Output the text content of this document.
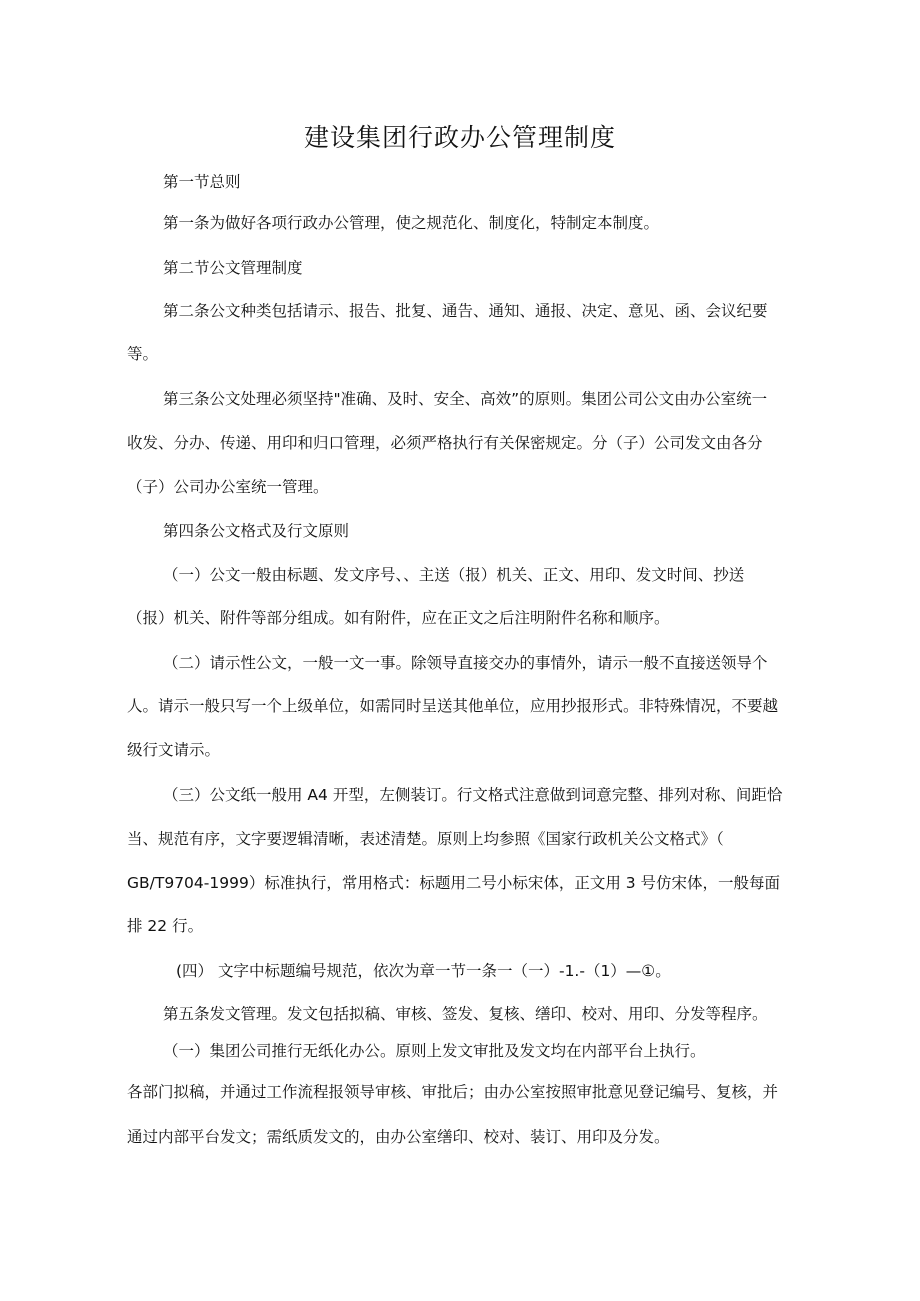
建设集团行政办公管理制度
第一节总则
第一条为做好各项行政办公管理，使之规范化、制度化，特制定本制度。
第二节公文管理制度
第二条公文种类包括请示、报告、批复、通告、通知、通报、决定、意见、函、会议纪要
等。
第三条公文处理必须坚持"准确、及时、安全、高效”的原则。集团公司公文由办公室统一
收发、分办、传递、用印和归口管理，必须严格执行有关保密规定。分（子）公司发文由各分
（子）公司办公室统一管理。
第四条公文格式及行文原则
（一）公文一般由标题、发文序号、、主送（报）机关、正文、用印、发文时间、抄送
（报）机关、附件等部分组成。如有附件，应在正文之后注明附件名称和顺序。
（二）请示性公文，一般一文一事。除领导直接交办的事情外，请示一般不直接送领导个
人。请示一般只写一个上级单位，如需同时呈送其他单位，应用抄报形式。非特殊情况，不要越
级行文请示。
（三）公文纸一般用 A4 开型，左侧装订。行文格式注意做到词意完整、排列对称、间距恰
当、规范有序，文字要逻辑清晰，表述清楚。原则上均参照《国家行政机关公文格式》（
GB/T9704-1999）标准执行，常用格式：标题用二号小标宋体，正文用 3 号仿宋体，一般每面
排 22 行。
(四） 文字中标题编号规范，依次为章一节一条一（一）-1.-（1）—①。
第五条发文管理。发文包括拟稿、审核、签发、复核、缮印、校对、用印、分发等程序。
（一）集团公司推行无纸化办公。原则上发文审批及发文均在内部平台上执行。
各部门拟稿，并通过工作流程报领导审核、审批后；由办公室按照审批意见登记编号、复核，并
通过内部平台发文；需纸质发文的，由办公室缮印、校对、装订、用印及分发。
